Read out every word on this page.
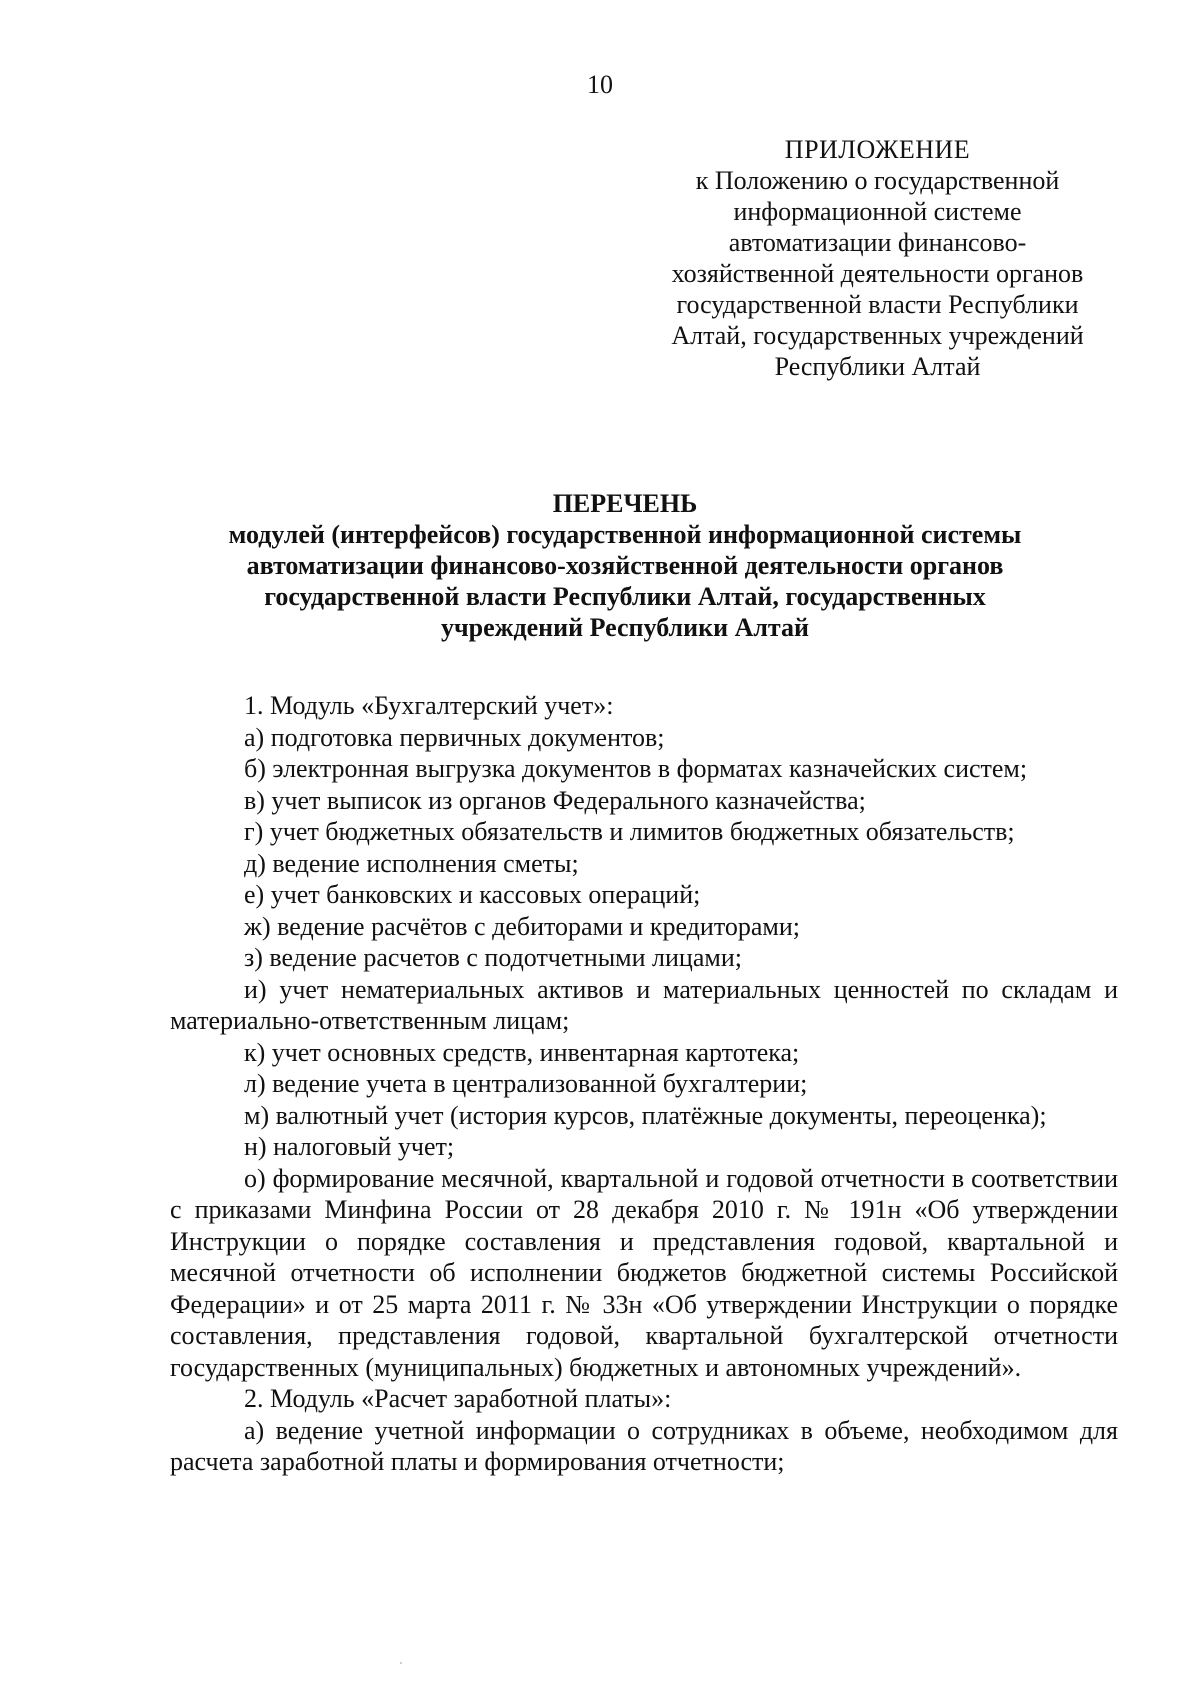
10
ПРИЛОЖЕНИЕ
к Положению о государственной
информационной системе
автоматизации финансово-
хозяйственной деятельности органов
государственной власти Республики
Алтай, государственных учреждений
Республики Алтай
ПЕРЕЧЕНЬ
модулей (интерфейсов) государственной информационной системы
автоматизации финансово-хозяйственной деятельности органов
государственной власти Республики Алтай, государственных
учреждений Республики Алтай

1. Модуль «Бухгалтерский учет»:

а) подготовка первичных документов;

б) электронная выгрузка документов в форматах казначейских систем;

в) учет выписок из органов Федерального казначейства;

г) учет бюджетных обязательств и лимитов бюджетных обязательств;

д) ведение исполнения сметы;

е) учет банковских и кассовых операций;

ж) ведение расчётов с дебиторами и кредиторами;

з) ведение расчетов с подотчетными лицами;

и) учет нематериальных активов и материальных ценностей по складам и материально-ответственным лицам;

к) учет основных средств, инвентарная картотека;

л) ведение учета в централизованной бухгалтерии;

м) валютный учет (история курсов, платёжные документы, переоценка);

н) налоговый учет;

о) формирование месячной, квартальной и годовой отчетности в соответствии с приказами Минфина России от 28 декабря 2010 г. № 191н «Об утверждении Инструкции о порядке составления и представления годовой, квартальной и месячной отчетности об исполнении бюджетов бюджетной системы Российской Федерации» и от 25 марта 2011 г. № 33н «Об утверждении Инструкции о порядке составления, представления годовой, квартальной бухгалтерской отчетности государственных (муниципальных) бюджетных и автономных учреждений».

2. Модуль «Расчет заработной платы»:

а) ведение учетной информации о сотрудниках в объеме, необходимом для расчета заработной платы и формирования отчетности;
